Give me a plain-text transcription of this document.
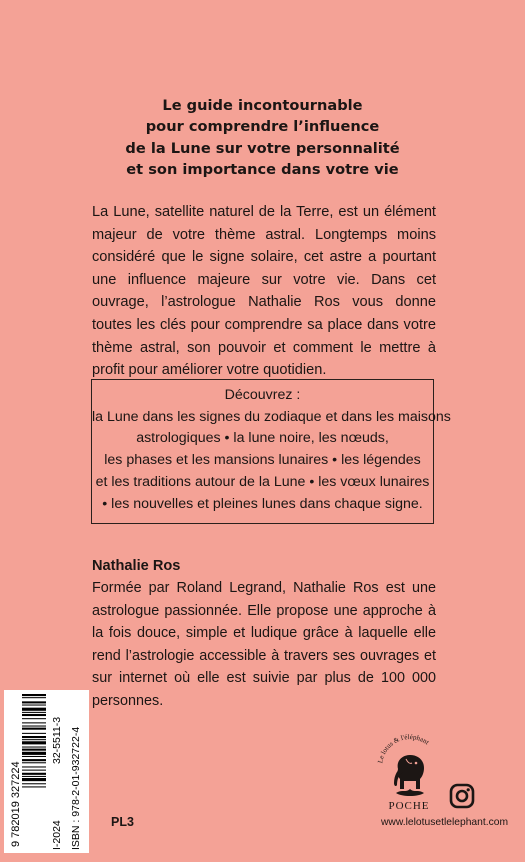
Le guide incontournable
pour comprendre l’influence
de la Lune sur votre personnalité
et son importance dans votre vie
La Lune, satellite naturel de la Terre, est un élément majeur de votre thème astral. Longtemps moins considéré que le signe solaire, cet astre a pourtant une influence majeure sur votre vie. Dans cet ouvrage, l’astrologue Nathalie Ros vous donne toutes les clés pour comprendre sa place dans votre thème astral, son pouvoir et comment le mettre à profit pour améliorer votre quotidien.
Découvrez :
la Lune dans les signes du zodiaque et dans les maisons
astrologiques • la lune noire, les nœuds,
les phases et les mansions lunaires • les légendes
et les traditions autour de la Lune • les vœux lunaires
• les nouvelles et pleines lunes dans chaque signe.
Nathalie Ros
Formée par Roland Legrand, Nathalie Ros est une astrologue passionnée. Elle propose une approche à la fois douce, simple et ludique grâce à laquelle elle rend l’astrologie accessible à travers ses ouvrages et sur internet où elle est suivie par plus de 100 000 personnes.
9 782019 327224
32-5511-3
I-2024 ISBN : 978-2-01-932722-4 PL3
Le lotus & l'éléphant
POCHE
www.lelotusetlelephant.com
